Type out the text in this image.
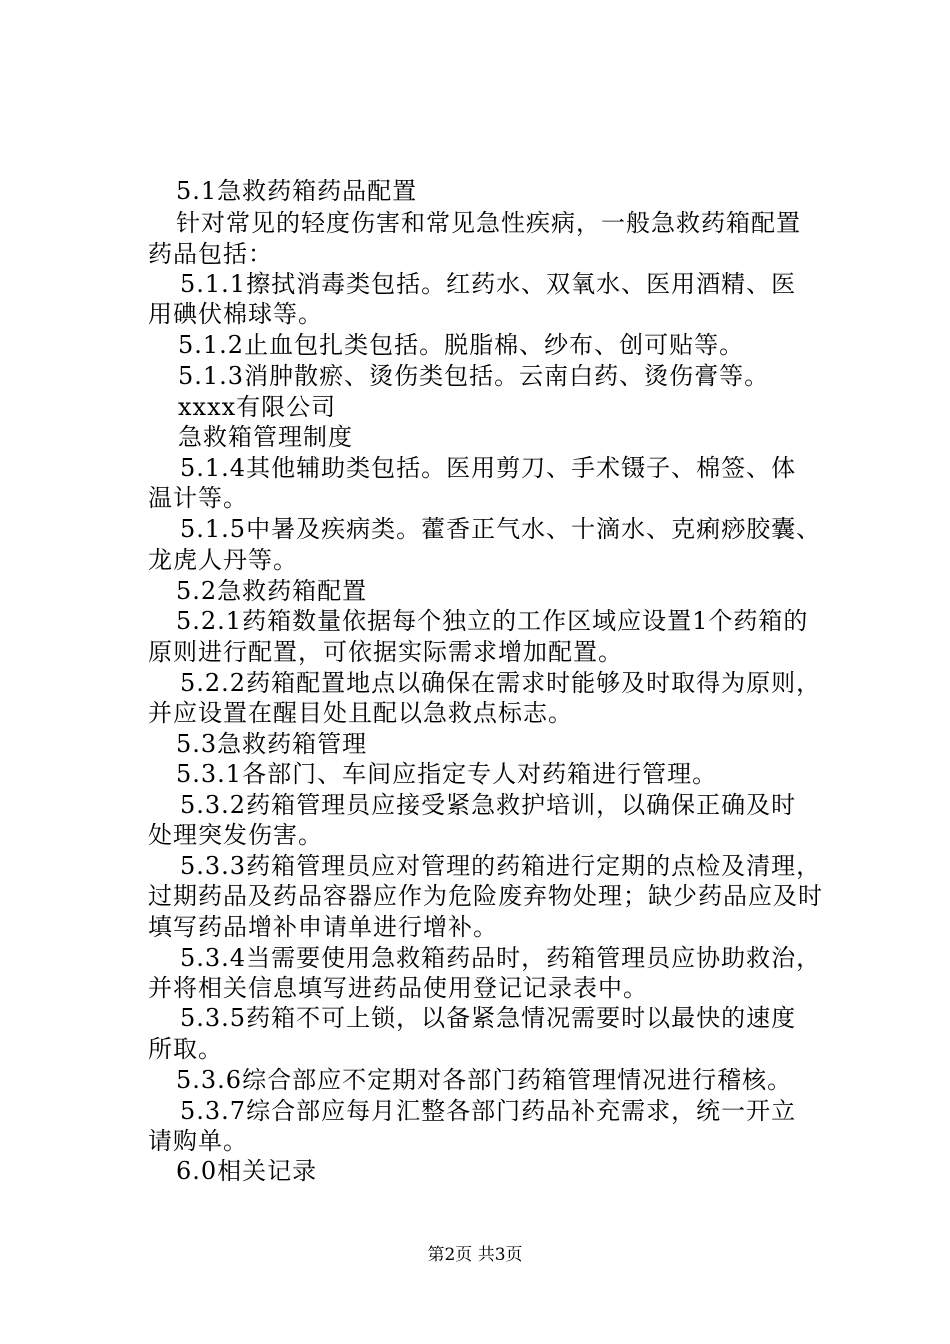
5.1急救药箱药品配置
针对常见的轻度伤害和常见急性疾病，一般急救药箱配置
药品包括：
5.1.1擦拭消毒类包括。红药水、双氧水、医用酒精、医
用碘伏棉球等。
5.1.2止血包扎类包括。脱脂棉、纱布、创可贴等。
5.1.3消肿散瘀、烫伤类包括。云南白药、烫伤膏等。
xxxx有限公司
急救箱管理制度
5.1.4其他辅助类包括。医用剪刀、手术镊子、棉签、体
温计等。
5.1.5中暑及疾病类。藿香正气水、十滴水、克痢痧胶囊、
龙虎人丹等。
5.2急救药箱配置
5.2.1药箱数量依据每个独立的工作区域应设置1个药箱的
原则进行配置，可依据实际需求增加配置。
5.2.2药箱配置地点以确保在需求时能够及时取得为原则，
并应设置在醒目处且配以急救点标志。
5.3急救药箱管理
5.3.1各部门、车间应指定专人对药箱进行管理。
5.3.2药箱管理员应接受紧急救护培训，以确保正确及时
处理突发伤害。
5.3.3药箱管理员应对管理的药箱进行定期的点检及清理，
过期药品及药品容器应作为危险废弃物处理；缺少药品应及时
填写药品增补申请单进行增补。
5.3.4当需要使用急救箱药品时，药箱管理员应协助救治，
并将相关信息填写进药品使用登记记录表中。
5.3.5药箱不可上锁，以备紧急情况需要时以最快的速度
所取。
5.3.6综合部应不定期对各部门药箱管理情况进行稽核。
5.3.7综合部应每月汇整各部门药品补充需求，统一开立
请购单。
6.0相关记录
第2页 共3页
